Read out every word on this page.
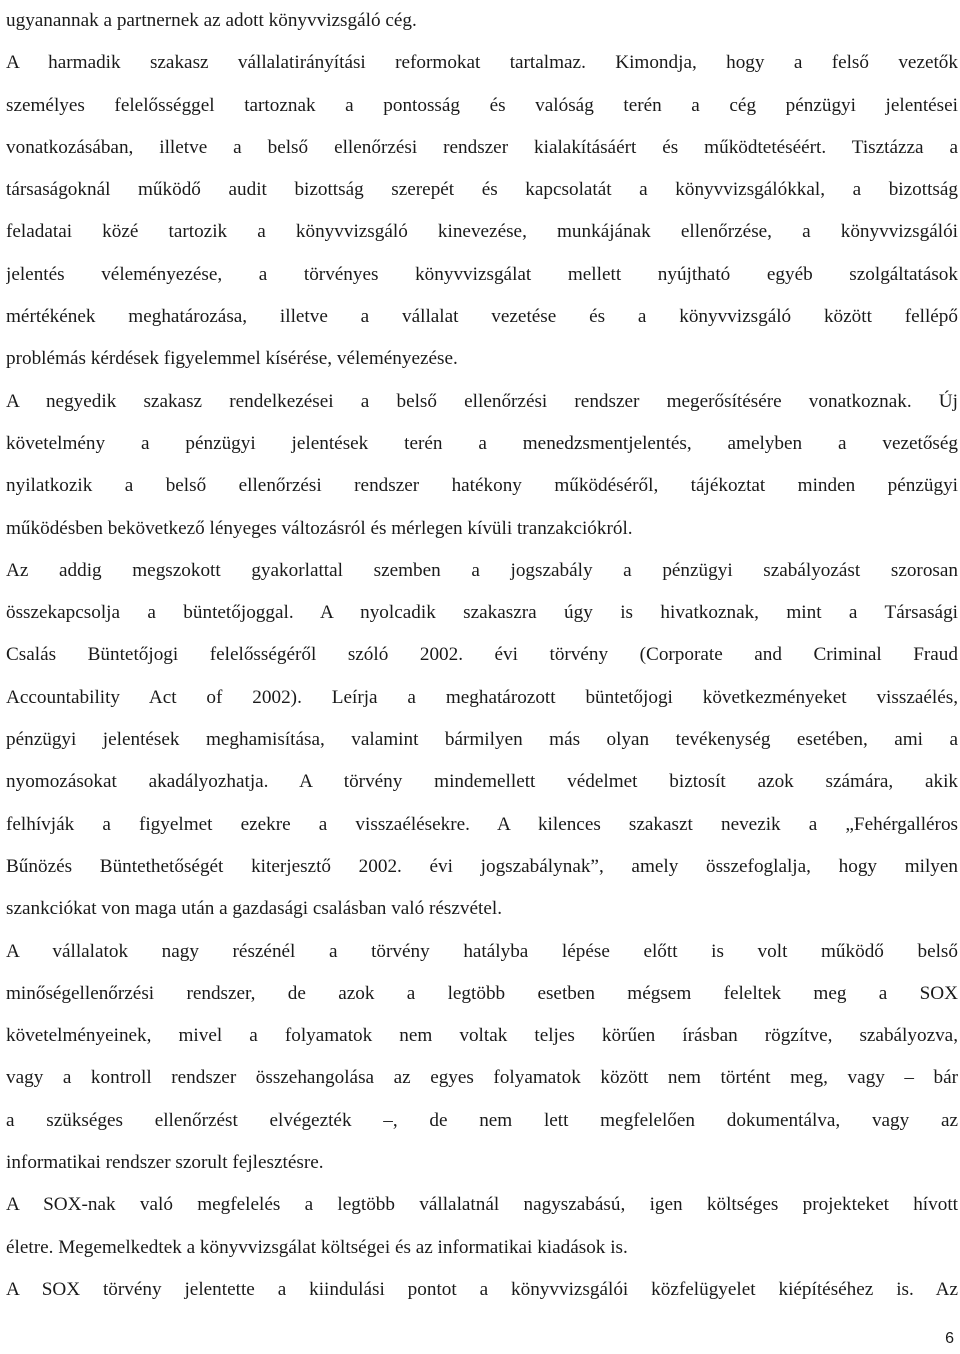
ugyanannak a partnernek az adott könyvvizsgáló cég.
A harmadik szakasz vállalatirányítási reformokat tartalmaz. Kimondja, hogy a felső vezetők
személyes felelősséggel tartoznak a pontosság és valóság terén a cég pénzügyi jelentései
vonatkozásában, illetve a belső ellenőrzési rendszer kialakításáért és működtetéséért. Tisztázza a
társaságoknál működő audit bizottság szerepét és kapcsolatát a könyvvizsgálókkal, a bizottság
feladatai közé tartozik a könyvvizsgáló kinevezése, munkájának ellenőrzése, a könyvvizsgálói
jelentés véleményezése, a törvényes könyvvizsgálat mellett nyújtható egyéb szolgáltatások
mértékének meghatározása, illetve a vállalat vezetése és a könyvvizsgáló között fellépő
problémás kérdések figyelemmel kísérése, véleményezése.
A negyedik szakasz rendelkezései a belső ellenőrzési rendszer megerősítésére vonatkoznak. Új
követelmény a pénzügyi jelentések terén a menedzsmentjelentés, amelyben a vezetőség
nyilatkozik a belső ellenőrzési rendszer hatékony működéséről, tájékoztat minden pénzügyi
működésben bekövetkező lényeges változásról és mérlegen kívüli tranzakciókról.
Az addig megszokott gyakorlattal szemben a jogszabály a pénzügyi szabályozást szorosan
összekapcsolja a büntetőjoggal. A nyolcadik szakaszra úgy is hivatkoznak, mint a Társasági
Csalás Büntetőjogi felelősségéről szóló 2002. évi törvény (Corporate and Criminal Fraud
Accountability Act of 2002). Leírja a meghatározott büntetőjogi következményeket visszaélés,
pénzügyi jelentések meghamisítása, valamint bármilyen más olyan tevékenység esetében, ami a
nyomozásokat akadályozhatja. A törvény mindemellett védelmet biztosít azok számára, akik
felhívják a figyelmet ezekre a visszaélésekre. A kilences szakaszt nevezik a „Fehérgalléros
Bűnözés Büntethetőségét kiterjesztő 2002. évi jogszabálynak”, amely összefoglalja, hogy milyen
szankciókat von maga után a gazdasági csalásban való részvétel.
A vállalatok nagy részénél a törvény hatályba lépése előtt is volt működő belső
minőségellenőrzési rendszer, de azok a legtöbb esetben mégsem feleltek meg a SOX
követelményeinek, mivel a folyamatok nem voltak teljes körűen írásban rögzítve, szabályozva,
vagy a kontroll rendszer összehangolása az egyes folyamatok között nem történt meg, vagy – bár
a szükséges ellenőrzést elvégezték –, de nem lett megfelelően dokumentálva, vagy az
informatikai rendszer szorult fejlesztésre.
A SOX-nak való megfelelés a legtöbb vállalatnál nagyszabású, igen költséges projekteket hívott
életre. Megemelkedtek a könyvvizsgálat költségei és az informatikai kiadások is.
A SOX törvény jelentette a kiindulási pontot a könyvvizsgálói közfelügyelet kiépítéséhez is. Az
6
